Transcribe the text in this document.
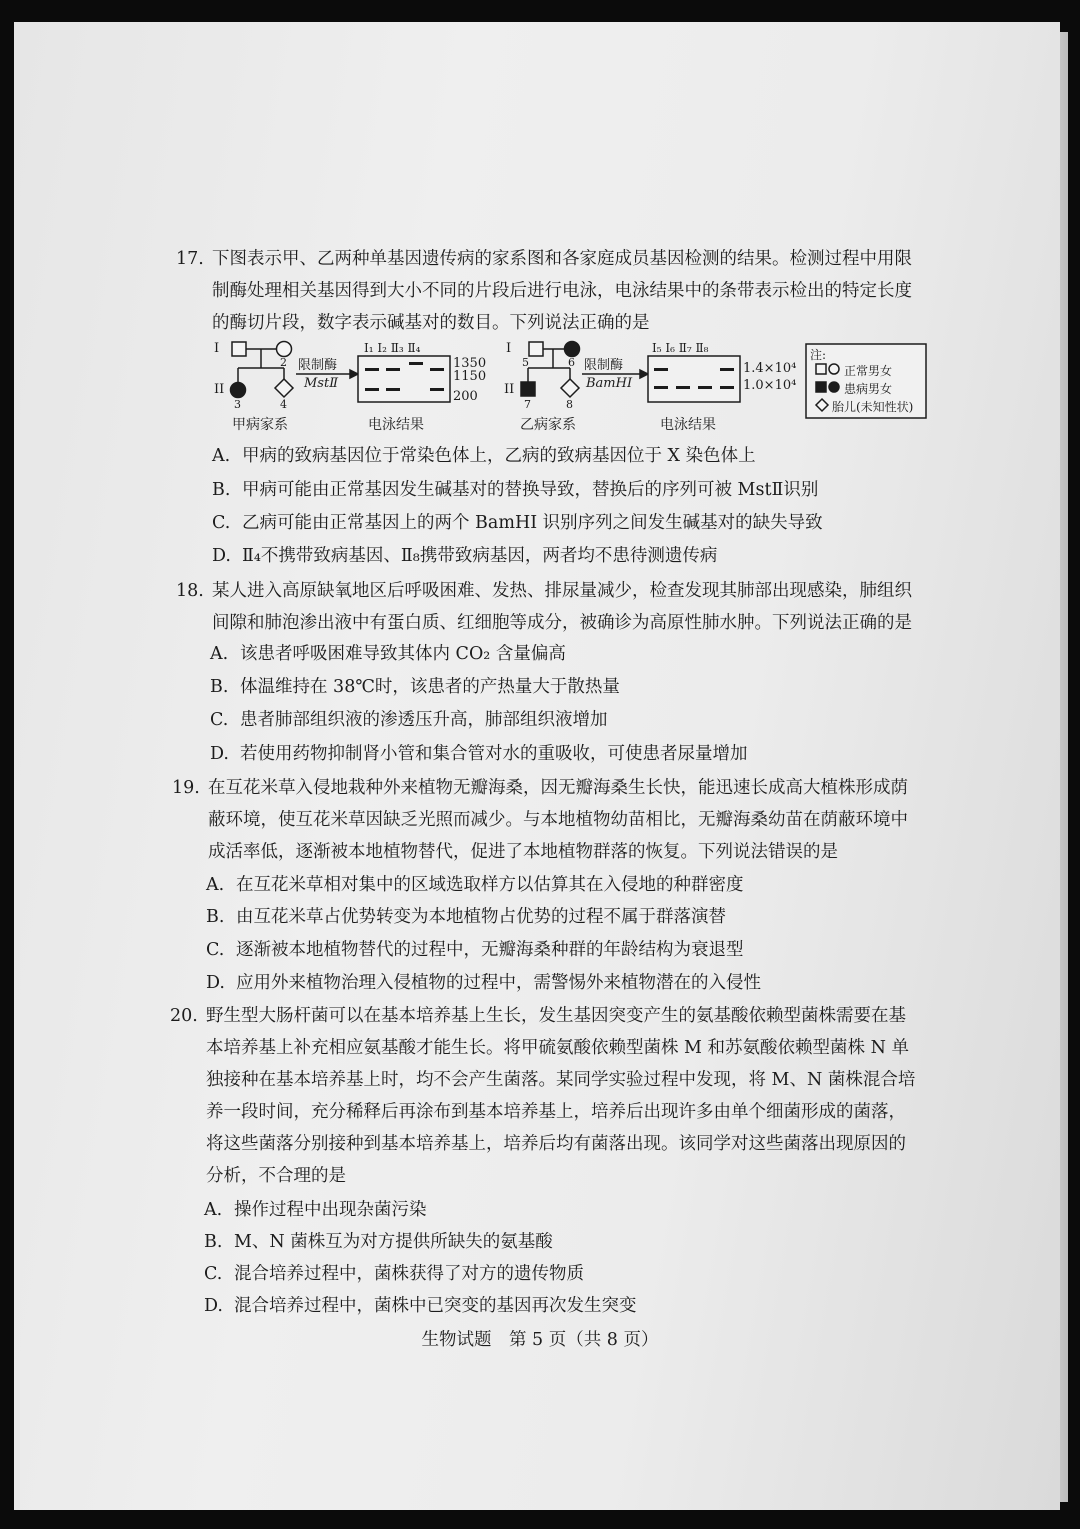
17. 下图表示甲、乙两种单基因遗传病的家系图和各家庭成员基因检测的结果。检测过程中用限制酶处理相关基因得到大小不同的片段后进行电泳，电泳结果中的条带表示检出的特定长度的酶切片段，数字表示碱基对的数目。下列说法正确的是
I
II
2
3	4
限制酶
MstⅡ
I₁ I₂ Ⅱ₃ Ⅱ₄
1350
1150
200
甲病家系	电泳结果
I
II
5	6
7	8
限制酶
BamHI
I₅ I₆ Ⅱ₇ Ⅱ₈
1.4×10⁴
1.0×10⁴
乙病家系	电泳结果
注:
正常男女
患病男女
胎儿(未知性状)
A. 甲病的致病基因位于常染色体上，乙病的致病基因位于 X 染色体上
B. 甲病可能由正常基因发生碱基对的替换导致，替换后的序列可被 MstⅡ识别
C. 乙病可能由正常基因上的两个 BamHI 识别序列之间发生碱基对的缺失导致
D. Ⅱ₄不携带致病基因、Ⅱ₈携带致病基因，两者均不患待测遗传病
18. 某人进入高原缺氧地区后呼吸困难、发热、排尿量减少，检查发现其肺部出现感染，肺组织间隙和肺泡渗出液中有蛋白质、红细胞等成分，被确诊为高原性肺水肿。下列说法正确的是
A. 该患者呼吸困难导致其体内 CO₂ 含量偏高
B. 体温维持在 38℃时，该患者的产热量大于散热量
C. 患者肺部组织液的渗透压升高，肺部组织液增加
D. 若使用药物抑制肾小管和集合管对水的重吸收，可使患者尿量增加
19. 在互花米草入侵地栽种外来植物无瓣海桑，因无瓣海桑生长快，能迅速长成高大植株形成荫蔽环境，使互花米草因缺乏光照而减少。与本地植物幼苗相比，无瓣海桑幼苗在荫蔽环境中成活率低，逐渐被本地植物替代，促进了本地植物群落的恢复。下列说法错误的是
A. 在互花米草相对集中的区域选取样方以估算其在入侵地的种群密度
B. 由互花米草占优势转变为本地植物占优势的过程不属于群落演替
C. 逐渐被本地植物替代的过程中，无瓣海桑种群的年龄结构为衰退型
D. 应用外来植物治理入侵植物的过程中，需警惕外来植物潜在的入侵性
20. 野生型大肠杆菌可以在基本培养基上生长，发生基因突变产生的氨基酸依赖型菌株需要在基本培养基上补充相应氨基酸才能生长。将甲硫氨酸依赖型菌株 M 和苏氨酸依赖型菌株 N 单独接种在基本培养基上时，均不会产生菌落。某同学实验过程中发现，将 M、N 菌株混合培养一段时间，充分稀释后再涂布到基本培养基上，培养后出现许多由单个细菌形成的菌落，将这些菌落分别接种到基本培养基上，培养后均有菌落出现。该同学对这些菌落出现原因的分析，不合理的是
A. 操作过程中出现杂菌污染
B. M、N 菌株互为对方提供所缺失的氨基酸
C. 混合培养过程中，菌株获得了对方的遗传物质
D. 混合培养过程中，菌株中已突变的基因再次发生突变
生物试题　第 5 页（共 8 页）
